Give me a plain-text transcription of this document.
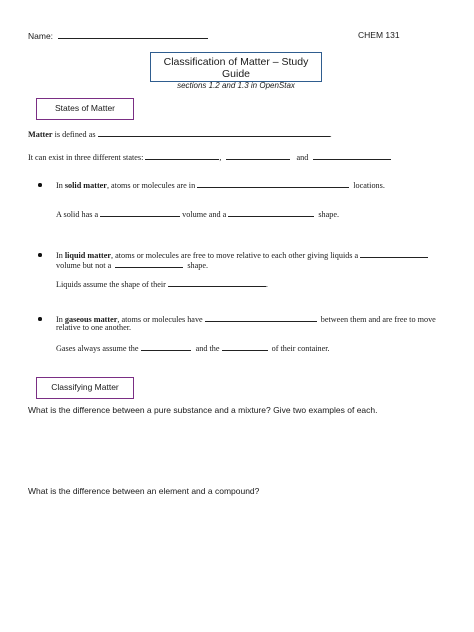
Name:	CHEM 131
Classification of Matter – Study Guide
sections 1.2 and 1.3 in OpenStax
States of Matter
Matter is defined as	.
It can exist in three different states:	,	and
In solid matter, atoms or molecules are in	locations.
A solid has a	volume and a	shape.
In liquid matter, atoms or molecules are free to move relative to each other giving liquids a
volume but not a	shape.
Liquids assume the shape of their	.
In gaseous matter, atoms or molecules have	between them and are free to move
relative to one another.
Gases always assume the	and the	of their container.
Classifying Matter
What is the difference between a pure substance and a mixture? Give two examples of each.
What is the difference between an element and a compound?
